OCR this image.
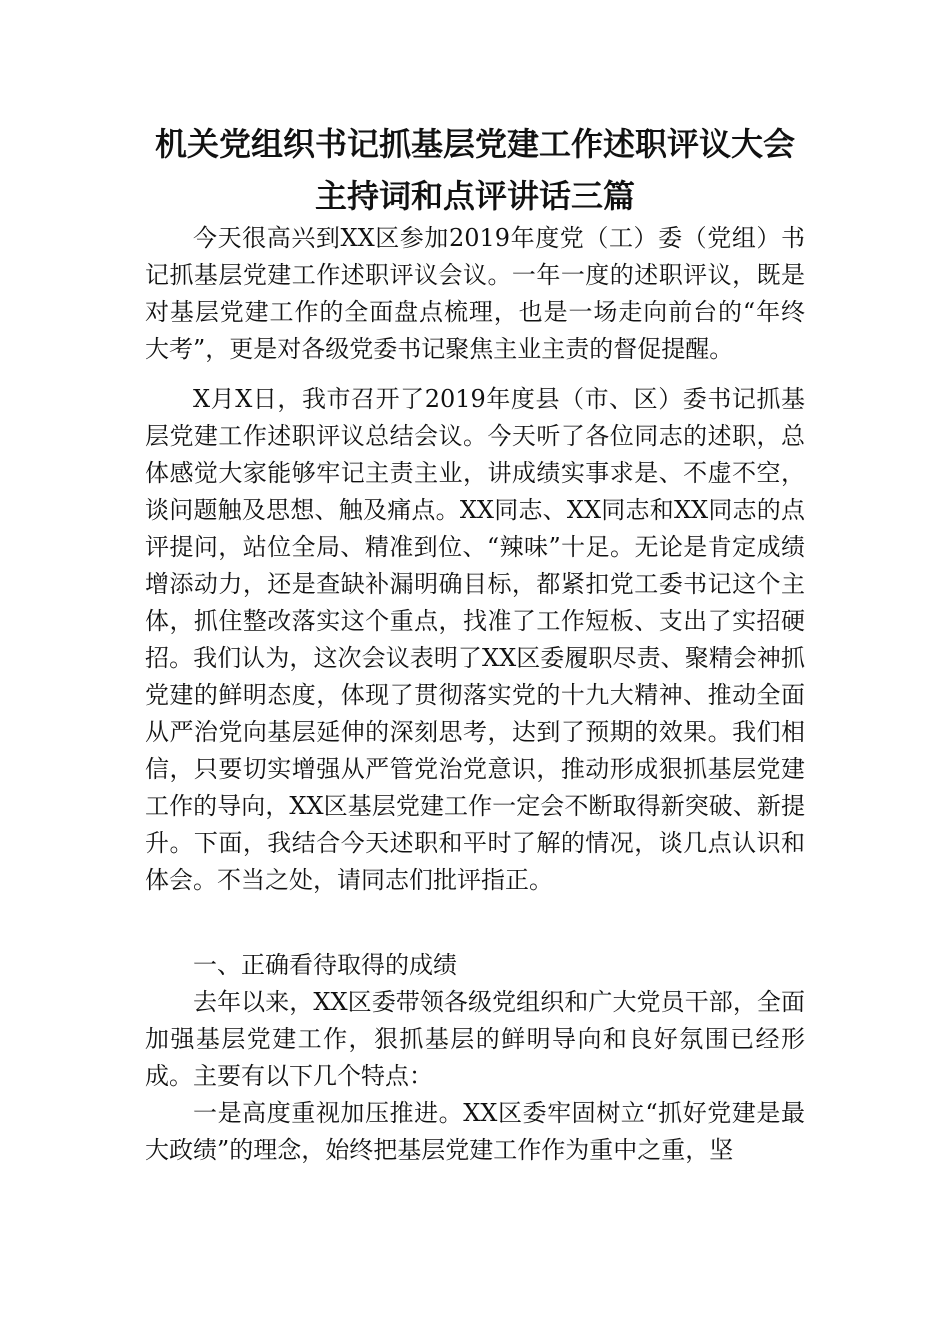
机关党组织书记抓基层党建工作述职评议大会主持词和点评讲话三篇

今天很高兴到XX区参加2019年度党（工）委（党组）书记抓基层党建工作述职评议会议。一年一度的述职评议，既是对基层党建工作的全面盘点梳理，也是一场走向前台的“年终大考”，更是对各级党委书记聚焦主业主责的督促提醒。

X月X日，我市召开了2019年度县（市、区）委书记抓基层党建工作述职评议总结会议。今天听了各位同志的述职，总体感觉大家能够牢记主责主业，讲成绩实事求是、不虚不空，谈问题触及思想、触及痛点。XX同志、XX同志和XX同志的点评提问，站位全局、精准到位、“辣味”十足。无论是肯定成绩增添动力，还是查缺补漏明确目标，都紧扣党工委书记这个主体，抓住整改落实这个重点，找准了工作短板、支出了实招硬招。我们认为，这次会议表明了XX区委履职尽责、聚精会神抓党建的鲜明态度，体现了贯彻落实党的十九大精神、推动全面从严治党向基层延伸的深刻思考，达到了预期的效果。我们相信，只要切实增强从严管党治党意识，推动形成狠抓基层党建工作的导向，XX区基层党建工作一定会不断取得新突破、新提升。下面，我结合今天述职和平时了解的情况，谈几点认识和体会。不当之处，请同志们批评指正。

一、正确看待取得的成绩

去年以来，XX区委带领各级党组织和广大党员干部，全面加强基层党建工作，狠抓基层的鲜明导向和良好氛围已经形成。主要有以下几个特点：

一是高度重视加压推进。XX区委牢固树立“抓好党建是最大政绩”的理念，始终把基层党建工作作为重中之重，坚
